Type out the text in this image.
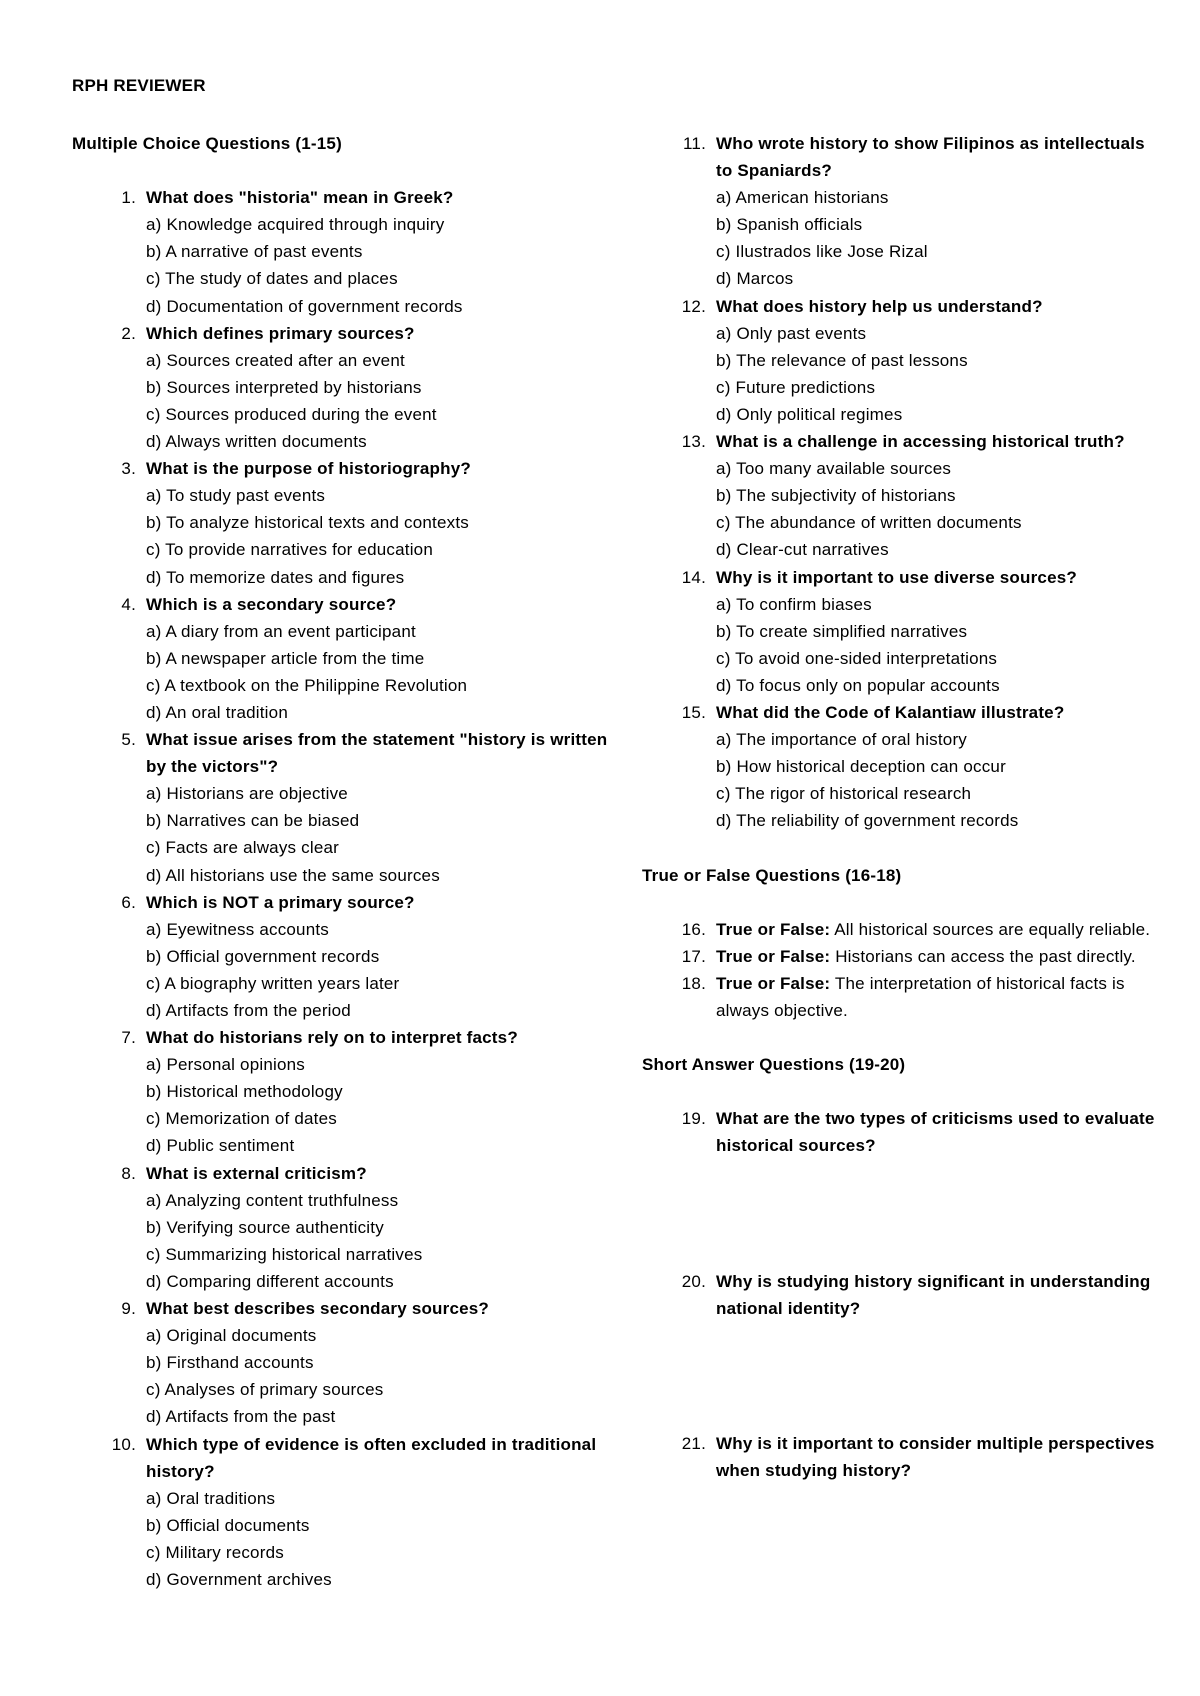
RPH REVIEWER
Multiple Choice Questions (1-15)
1. What does "historia" mean in Greek?
a) Knowledge acquired through inquiry
b) A narrative of past events
c) The study of dates and places
d) Documentation of government records
2. Which defines primary sources?
a) Sources created after an event
b) Sources interpreted by historians
c) Sources produced during the event
d) Always written documents
3. What is the purpose of historiography?
a) To study past events
b) To analyze historical texts and contexts
c) To provide narratives for education
d) To memorize dates and figures
4. Which is a secondary source?
a) A diary from an event participant
b) A newspaper article from the time
c) A textbook on the Philippine Revolution
d) An oral tradition
5. What issue arises from the statement "history is written by the victors"?
a) Historians are objective
b) Narratives can be biased
c) Facts are always clear
d) All historians use the same sources
6. Which is NOT a primary source?
a) Eyewitness accounts
b) Official government records
c) A biography written years later
d) Artifacts from the period
7. What do historians rely on to interpret facts?
a) Personal opinions
b) Historical methodology
c) Memorization of dates
d) Public sentiment
8. What is external criticism?
a) Analyzing content truthfulness
b) Verifying source authenticity
c) Summarizing historical narratives
d) Comparing different accounts
9. What best describes secondary sources?
a) Original documents
b) Firsthand accounts
c) Analyses of primary sources
d) Artifacts from the past
10. Which type of evidence is often excluded in traditional history?
a) Oral traditions
b) Official documents
c) Military records
d) Government archives
11. Who wrote history to show Filipinos as intellectuals to Spaniards?
a) American historians
b) Spanish officials
c) Ilustrados like Jose Rizal
d) Marcos
12. What does history help us understand?
a) Only past events
b) The relevance of past lessons
c) Future predictions
d) Only political regimes
13. What is a challenge in accessing historical truth?
a) Too many available sources
b) The subjectivity of historians
c) The abundance of written documents
d) Clear-cut narratives
14. Why is it important to use diverse sources?
a) To confirm biases
b) To create simplified narratives
c) To avoid one-sided interpretations
d) To focus only on popular accounts
15. What did the Code of Kalantiaw illustrate?
a) The importance of oral history
b) How historical deception can occur
c) The rigor of historical research
d) The reliability of government records
True or False Questions (16-18)
16. True or False: All historical sources are equally reliable.
17. True or False: Historians can access the past directly.
18. True or False: The interpretation of historical facts is always objective.
Short Answer Questions (19-20)
19. What are the two types of criticisms used to evaluate historical sources?
20. Why is studying history significant in understanding national identity?
21. Why is it important to consider multiple perspectives when studying history?
